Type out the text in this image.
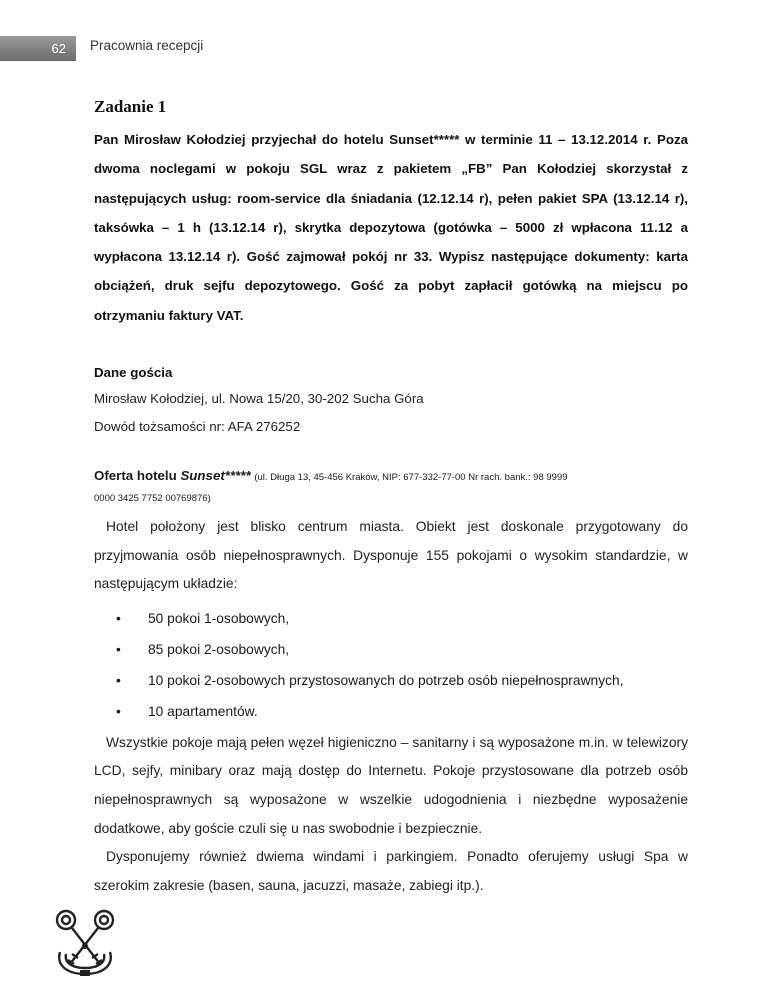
62	Pracownia recepcji
Zadanie 1

Pan Mirosław Kołodziej przyjechał do hotelu Sunset***** w terminie 11 – 13.12.2014 r. Poza dwoma noclegami w pokoju SGL wraz z pakietem „FB” Pan Kołodziej skorzystał z następujących usług: room-service dla śniadania (12.12.14 r), pełen pakiet SPA (13.12.14 r), taksówka – 1 h (13.12.14 r), skrytka depozytowa (gotówka – 5000 zł wpłacona 11.12 a wypłacona 13.12.14 r). Gość zajmował pokój nr 33. Wypisz następujące dokumenty: karta obciążeń, druk sejfu depozytowego. Gość za pobyt zapłacił gotówką na miejscu po otrzymaniu faktury VAT.

Dane gościa

Mirosław Kołodziej, ul. Nowa 15/20, 30-202 Sucha Góra

Dowód tożsamości nr: AFA 276252

Oferta hotelu Sunset***** (ul. Długa 13, 45-456 Kraków, NIP: 677-332-77-00 Nr rach. bank.: 98 9999
0000 3425 7752 00769876)

Hotel położony jest blisko centrum miasta. Obiekt jest doskonale przygotowany do przyjmowania osób niepełnosprawnych. Dysponuje 155 pokojami o wysokim standardzie, w następującym układzie:

• 50 pokoi 1-osobowych,
• 85 pokoi 2-osobowych,
• 10 pokoi 2-osobowych przystosowanych do potrzeb osób niepełnosprawnych,
• 10 apartamentów.

Wszystkie pokoje mają pełen węzeł higieniczno – sanitarny i są wyposażone m.in. w telewizory LCD, sejfy, minibary oraz mają dostęp do Internetu. Pokoje przystosowane dla potrzeb osób niepełnosprawnych są wyposażone w wszelkie udogodnienia i niezbędne wyposażenie dodatkowe, aby goście czuli się u nas swobodnie i bezpiecznie.

Dysponujemy również dwiema windami i parkingiem. Ponadto oferujemy usługi Spa w szerokim zakresie (basen, sauna, jacuzzi, masaże, zabiegi itp.).
